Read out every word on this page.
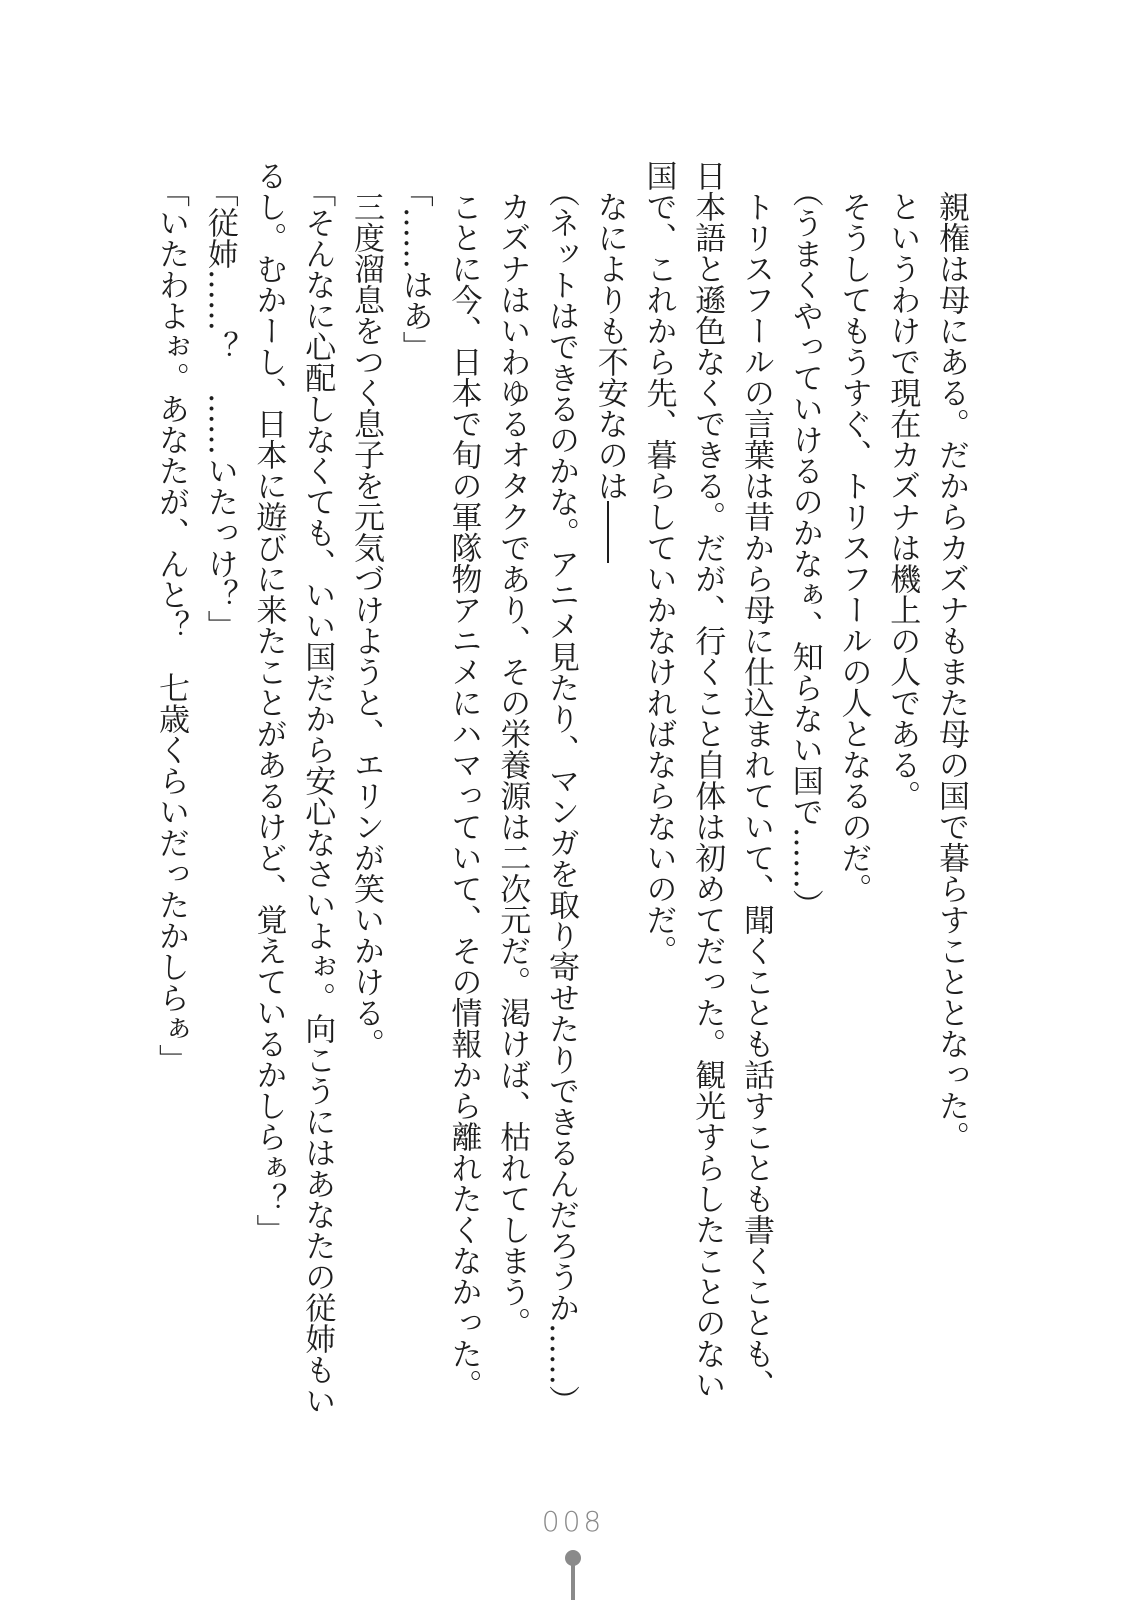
親権は母にある。だからカズナもまた母の国で暮らすこととなった。

というわけで現在カズナは機上の人である。

そうしてもうすぐ、トリスフールの人となるのだ。

（うまくやっていけるのかなぁ、知らない国で……）

トリスフールの言葉は昔から母に仕込まれていて、聞くことも話すことも書くことも、

日本語と遜色なくできる。だが、行くこと自体は初めてだった。観光すらしたことのない

国で、これから先、暮らしていかなければならないのだ。

なによりも不安なのは――

（ネットはできるのかな。アニメ見たり、マンガを取り寄せたりできるんだろうか……）

カズナはいわゆるオタクであり、その栄養源は二次元だ。渇けば、枯れてしまう。

ことに今、日本で旬の軍隊物アニメにハマっていて、その情報から離れたくなかった。

「……はあ」

三度溜息をつく息子を元気づけようと、エリンが笑いかける。

「そんなに心配しなくても、いい国だから安心なさいよぉ。向こうにはあなたの従姉もい

るし。むかーし、日本に遊びに来たことがあるけど、覚えているかしらぁ？」

「従姉……？　……いたっけ？」

「いたわよぉ。あなたが、んと？　七歳くらいだったかしらぁ」

008
